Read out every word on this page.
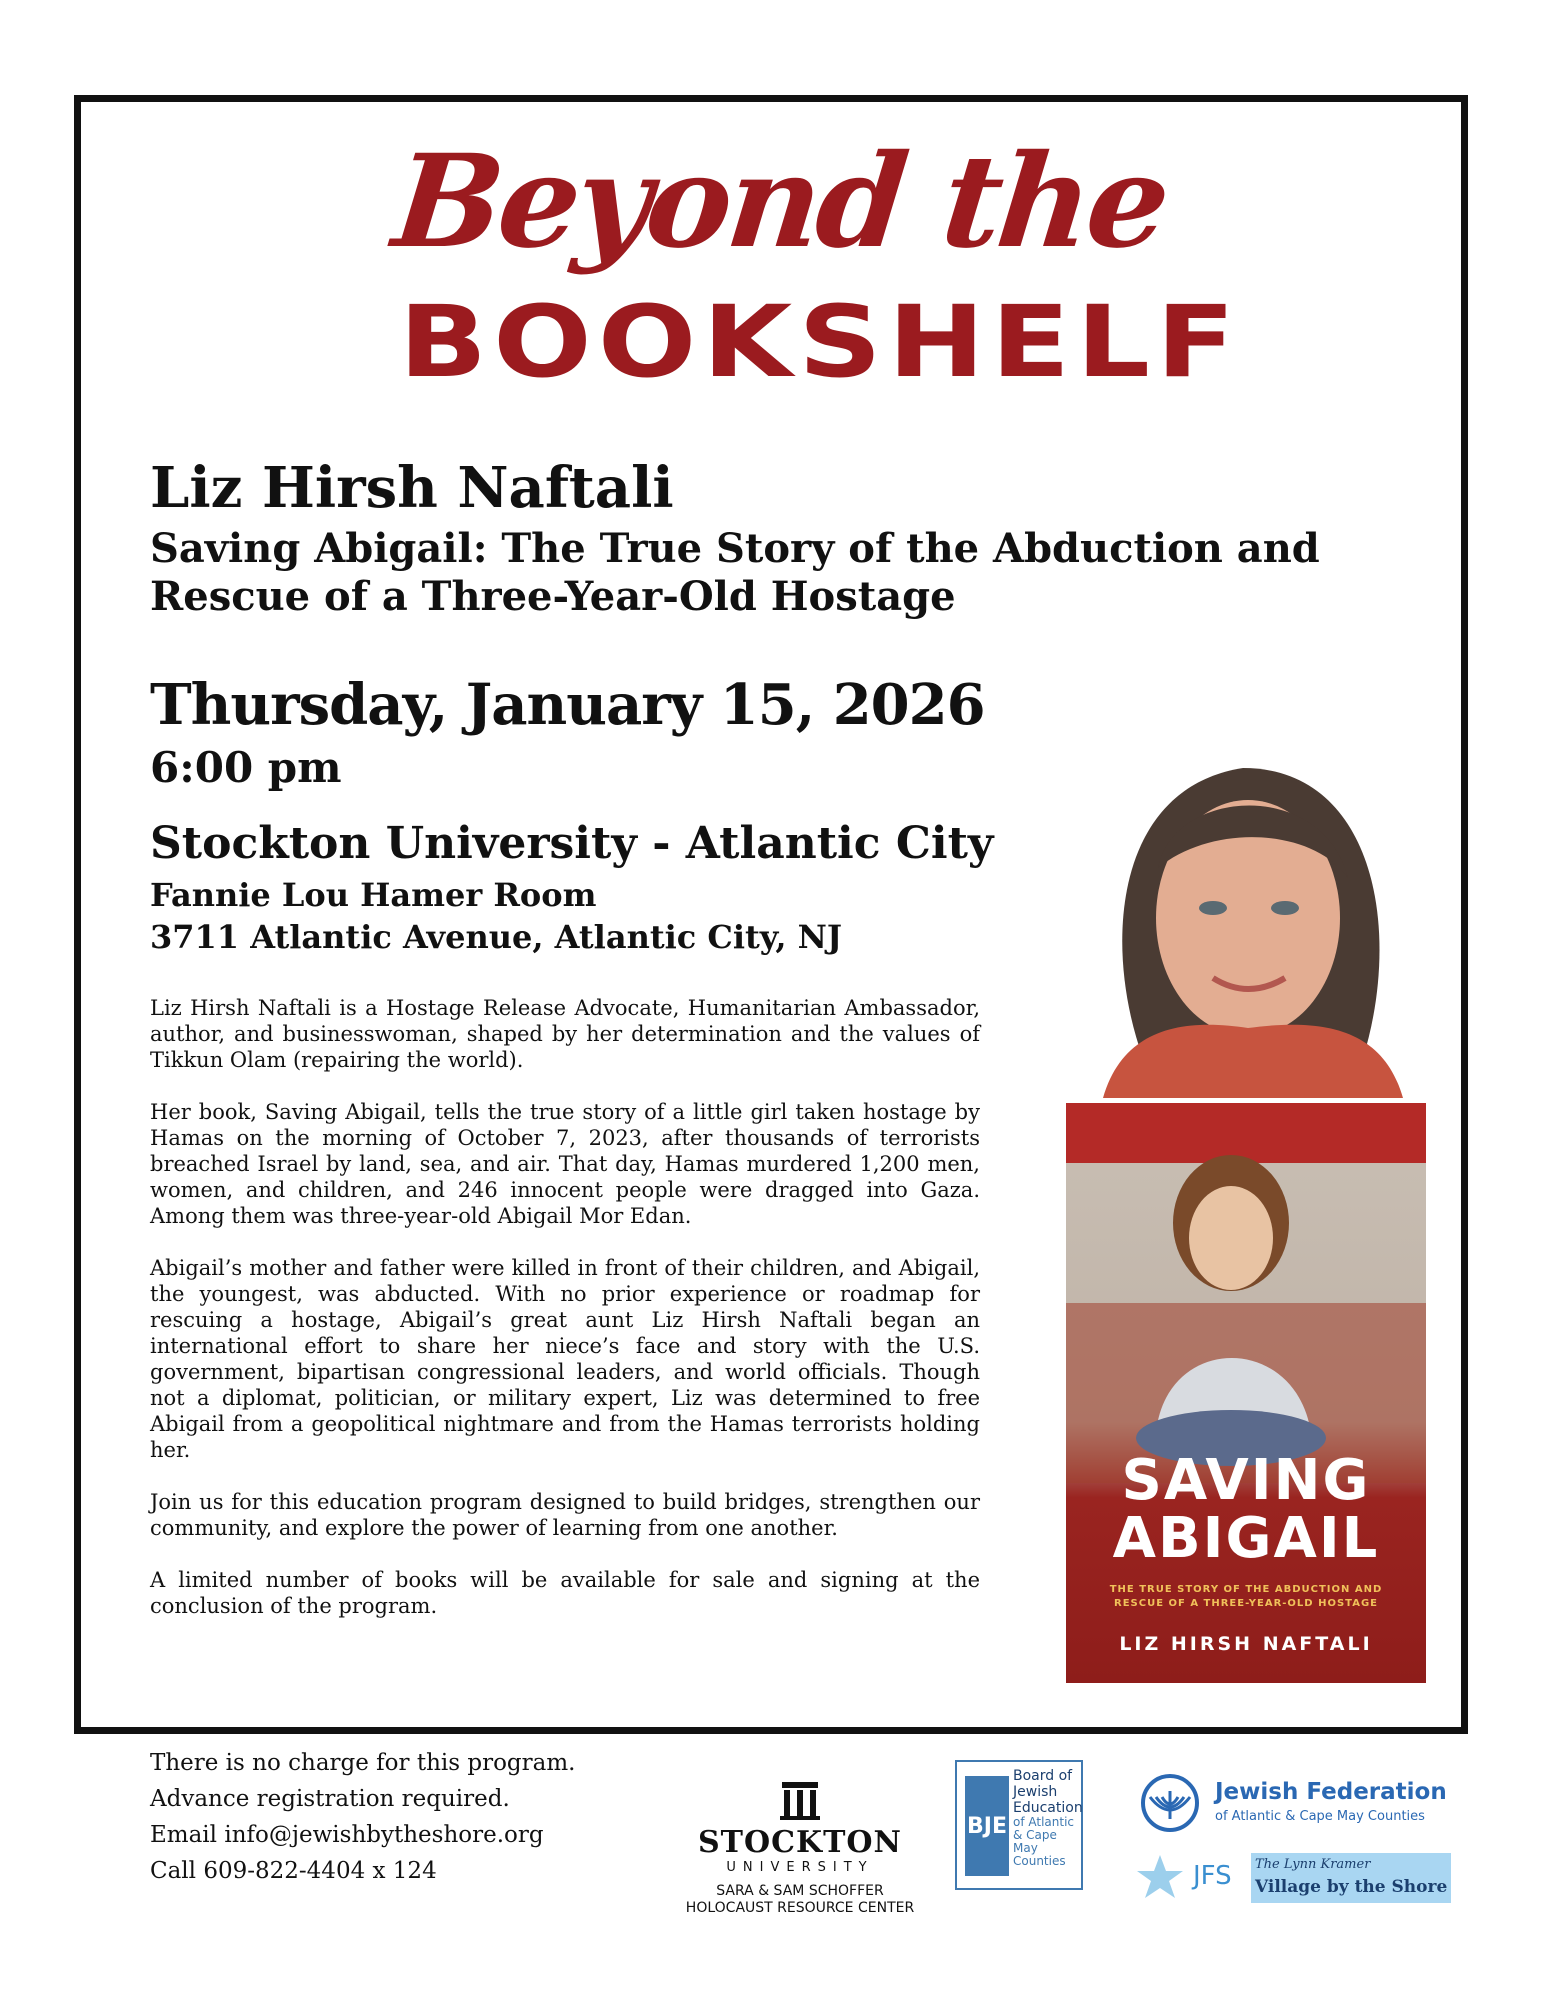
Beyond the
BOOKSHELF
Liz Hirsh Naftali
Saving Abigail: The True Story of the Abduction and
Rescue of a Three-Year-Old Hostage
Thursday, January 15, 2026
6:00 pm
Stockton University - Atlantic City
Fannie Lou Hamer Room
3711 Atlantic Avenue, Atlantic City, NJ

Liz Hirsh Naftali is a Hostage Release Advocate, Humanitarian Ambassador, author, and businesswoman, shaped by her determination and the values of Tikkun Olam (repairing the world).

Her book, Saving Abigail, tells the true story of a little girl taken hostage by Hamas on the morning of October 7, 2023, after thousands of terrorists breached Israel by land, sea, and air. That day, Hamas murdered 1,200 men, women, and children, and 246 innocent people were dragged into Gaza. Among them was three-year-old Abigail Mor Edan.

Abigail’s mother and father were killed in front of their children, and Abigail, the youngest, was abducted. With no prior experience or roadmap for rescuing a hostage, Abigail’s great aunt Liz Hirsh Naftali began an international effort to share her niece’s face and story with the U.S. government, bipartisan congressional leaders, and world officials. Though not a diplomat, politician, or military expert, Liz was determined to free Abigail from a geopolitical nightmare and from the Hamas terrorists holding her.

Join us for this education program designed to build bridges, strengthen our community, and explore the power of learning from one another.

A limited number of books will be available for sale and signing at the conclusion of the program.

SAVING
ABIGAIL
THE TRUE STORY OF THE ABDUCTION AND RESCUE OF A THREE-YEAR-OLD HOSTAGE
LIZ HIRSH NAFTALI
There is no charge for this program.
Advance registration required.
Email info@jewishbytheshore.org
Call 609-822-4404 x 124
STOCKTON
UNIVERSITY
SARA & SAM SCHOFFER
HOLOCAUST RESOURCE CENTER
BJE
Board of
Jewish
Education
of Atlantic & Cape May Counties
Jewish Federation
of Atlantic & Cape May Counties
JFS The Lynn Kramer
Village by the Shore
